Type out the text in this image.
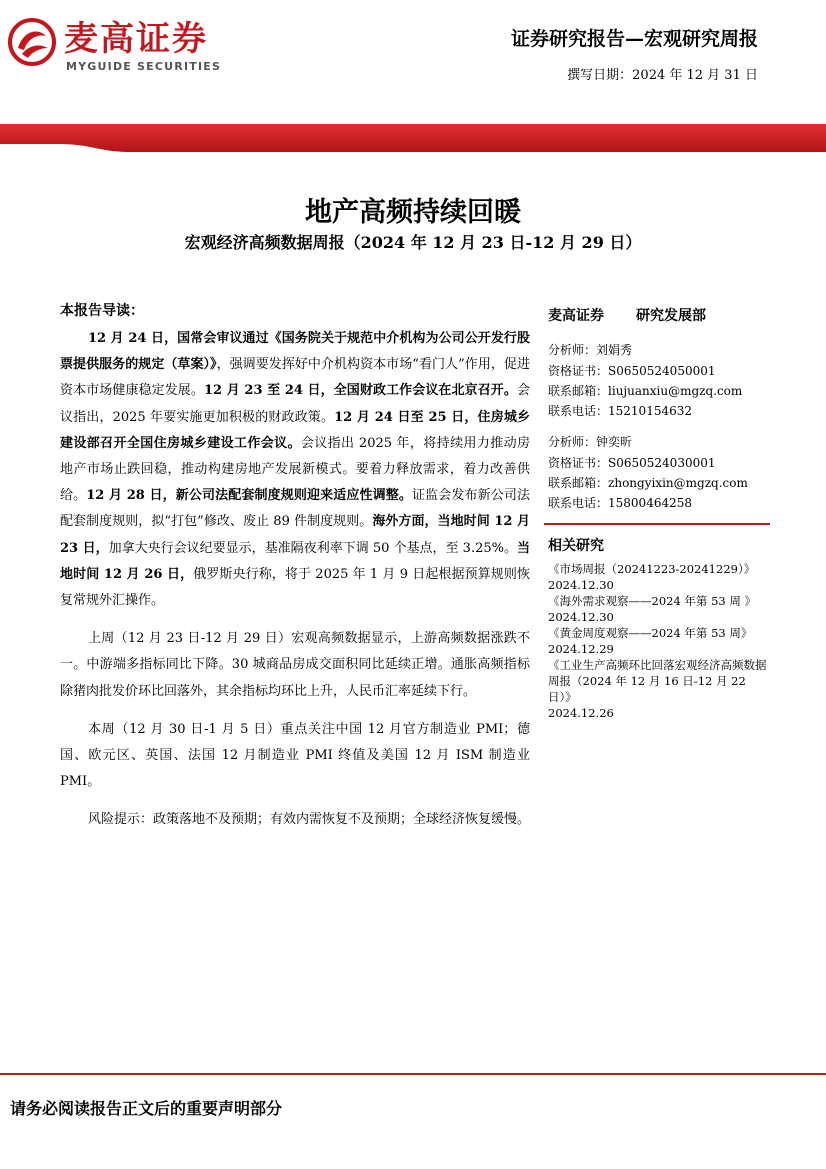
麦高证券
MYGUIDE SECURITIES
证券研究报告—宏观研究周报
撰写日期：2024 年 12 月 31 日
地产高频持续回暖
宏观经济高频数据周报（2024 年 12 月 23 日-12 月 29 日）
本报告导读：

12 月 24 日，国常会审议通过《国务院关于规范中介机构为公司公开发行股票提供服务的规定（草案）》，强调要发挥好中介机构资本市场“看门人”作用，促进资本市场健康稳定发展。12 月 23 至 24 日，全国财政工作会议在北京召开。会议指出，2025 年要实施更加积极的财政政策。12 月 24 日至 25 日，住房城乡建设部召开全国住房城乡建设工作会议。会议指出 2025 年，将持续用力推动房地产市场止跌回稳，推动构建房地产发展新模式。要着力释放需求，着力改善供给。12 月 28 日，新公司法配套制度规则迎来适应性调整。证监会发布新公司法配套制度规则，拟“打包”修改、废止 89 件制度规则。海外方面，当地时间 12 月 23 日，加拿大央行会议纪要显示，基准隔夜利率下调 50 个基点，至 3.25%。当地时间 12 月 26 日，俄罗斯央行称，将于 2025 年 1 月 9 日起根据预算规则恢复常规外汇操作。

上周（12 月 23 日-12 月 29 日）宏观高频数据显示，上游高频数据涨跌不一。中游端多指标同比下降。30 城商品房成交面积同比延续正增。通胀高频指标除猪肉批发价环比回落外，其余指标均环比上升，人民币汇率延续下行。

本周（12 月 30 日-1 月 5 日）重点关注中国 12 月官方制造业 PMI；德国、欧元区、英国、法国 12 月制造业 PMI 终值及美国 12 月 ISM 制造业 PMI。

风险提示：政策落地不及预期；有效内需恢复不及预期；全球经济恢复缓慢。

麦高证券 研究发展部
分析师：刘娟秀
资格证书：S0650524050001
联系邮箱：liujuanxiu@mgzq.com
联系电话：15210154632
分析师：钟奕昕
资格证书：S0650524030001
联系邮箱：zhongyixin@mgzq.com
联系电话：15800464258
相关研究
《市场周报（20241223-20241229）》
2024.12.30
《海外需求观察——2024 年第 53 周 》
2024.12.30
《黄金周度观察——2024 年第 53 周》
2024.12.29
《工业生产高频环比回落宏观经济高频数据周报（2024 年 12 月 16 日-12 月 22 日）》
2024.12.26
请务必阅读报告正文后的重要声明部分
